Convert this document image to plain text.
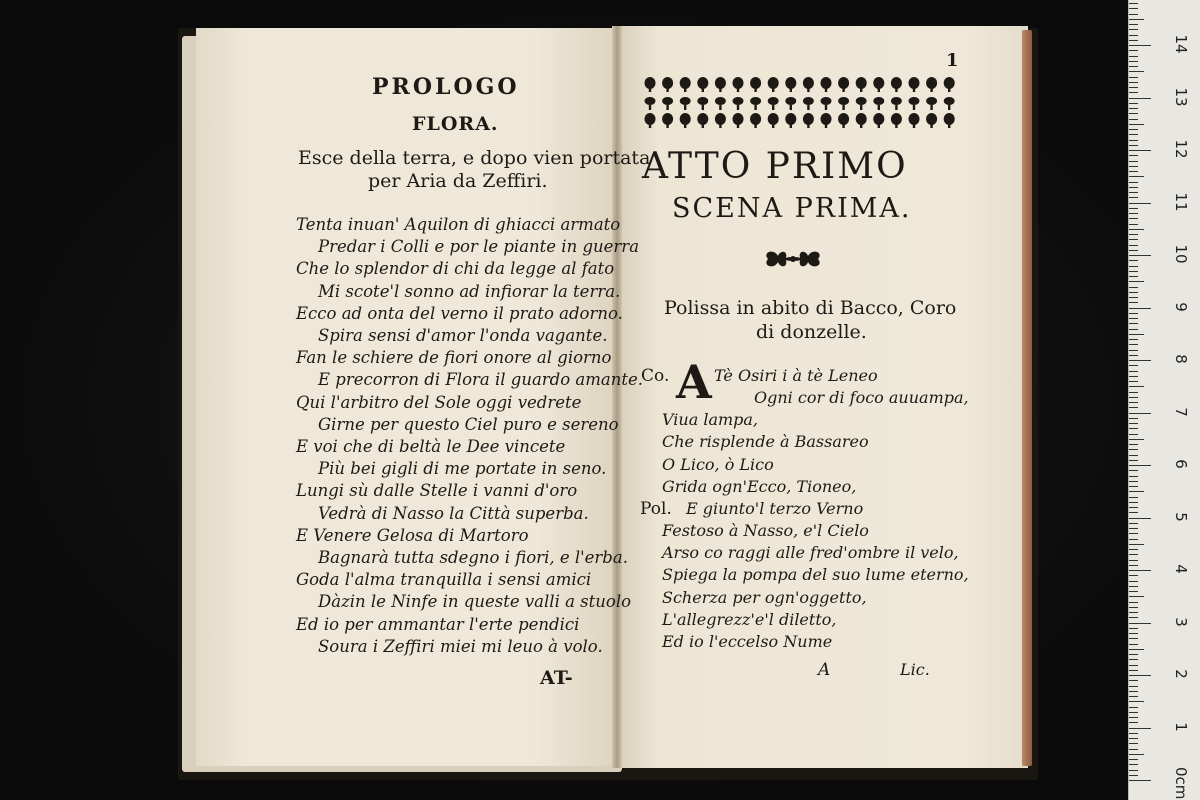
0cm
1
2
3
4
5
6
7
8
9
10
11
12
13
14
PROLOGO
FLORA.
Esce della terra, e dopo vien portata
per Aria da Zeffiri.
Tenta inuan' Aquilon di ghiacci armato
Predar i Colli e por le piante in guerra
Che lo splendor di chi da legge al fato
Mi scote'l sonno ad infiorar la terra.
Ecco ad onta del verno il prato adorno.
Spira sensi d'amor l'onda vagante.
Fan le schiere de fiori onore al giorno
E precorron di Flora il guardo amante.
Qui l'arbitro del Sole oggi vedrete
Girne per questo Ciel puro e sereno
E voi che di beltà le Dee vincete
Più bei gigli di me portate in seno.
Lungi sù dalle Stelle i vanni d'oro
Vedrà di Nasso la Città superba.
E Venere Gelosa di Martoro
Bagnarà tutta sdegno i fiori, e l'erba.
Goda l'alma tranquilla i sensi amici
Dàzin le Ninfe in queste valli a stuolo
Ed io per ammantar l'erte pendici
Soura i Zeffiri miei mi leuo à volo.
AT-
1
ATTO PRIMO
SCENA PRIMA.
Polissa in abito di Bacco, Coro
di donzelle.
Co. A Tè Osiri i à tè Leneo
Ogni cor di foco auuampa,
Viua lampa,
Che risplende à Bassareo
O Lico, ò Lico
Grida ogn'Ecco, Tioneo,
Pol. E giunto'l terzo Verno
Festoso à Nasso, e'l Cielo
Arso co raggi alle fred'ombre il velo,
Spiega la pompa del suo lume eterno,
Scherza per ogn'oggetto,
L'allegrezz'e'l diletto,
Ed io l'eccelso Nume
A	Lic.
